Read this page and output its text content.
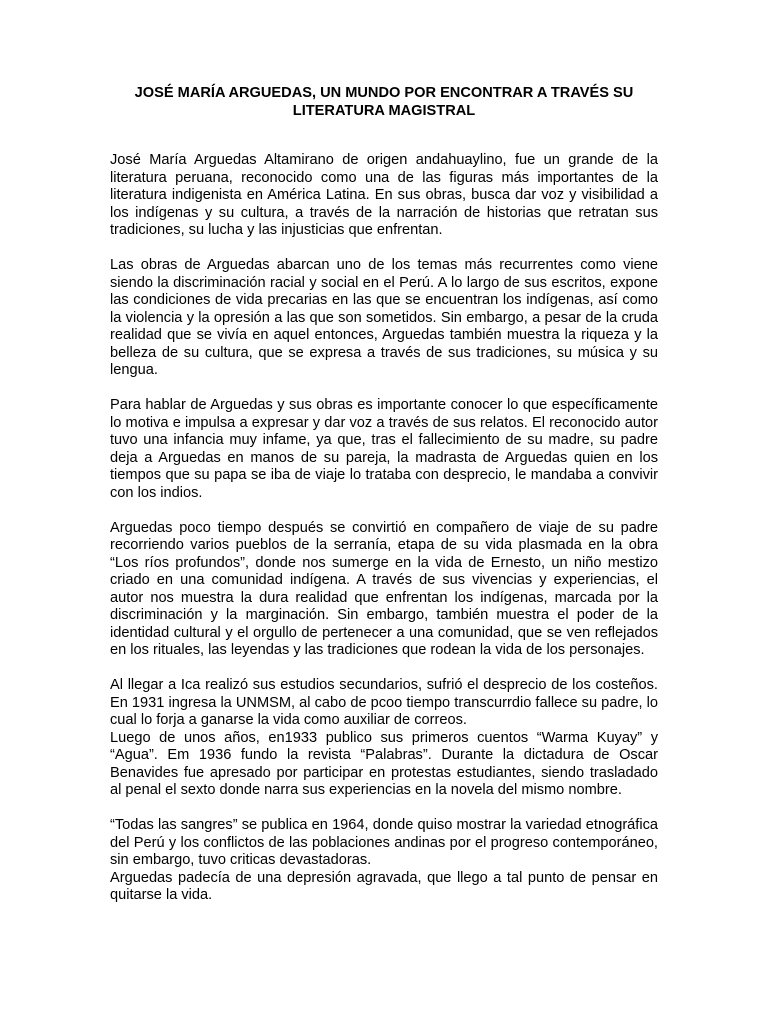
JOSÉ MARÍA ARGUEDAS, UN MUNDO POR ENCONTRAR A TRAVÉS SU
LITERATURA MAGISTRAL

José María Arguedas Altamirano de origen andahuaylino, fue un grande de la literatura peruana, reconocido como una de las figuras más importantes de la literatura indigenista en América Latina. En sus obras, busca dar voz y visibilidad a los indígenas y su cultura, a través de la narración de historias que retratan sus tradiciones, su lucha y las injusticias que enfrentan.

Las obras de Arguedas abarcan uno de los temas más recurrentes como viene siendo la discriminación racial y social en el Perú. A lo largo de sus escritos, expone las condiciones de vida precarias en las que se encuentran los indígenas, así como la violencia y la opresión a las que son sometidos. Sin embargo, a pesar de la cruda realidad que se vivía en aquel entonces, Arguedas también muestra la riqueza y la belleza de su cultura, que se expresa a través de sus tradiciones, su música y su lengua.

Para hablar de Arguedas y sus obras es importante conocer lo que específicamente lo motiva e impulsa a expresar y dar voz a través de sus relatos. El reconocido autor tuvo una infancia muy infame, ya que, tras el fallecimiento de su madre, su padre deja a Arguedas en manos de su pareja, la madrasta de Arguedas quien en los tiempos que su papa se iba de viaje lo trataba con desprecio, le mandaba a convivir con los indios.

Arguedas poco tiempo después se convirtió en compañero de viaje de su padre recorriendo varios pueblos de la serranía, etapa de su vida plasmada en la obra “Los ríos profundos”, donde nos sumerge en la vida de Ernesto, un niño mestizo criado en una comunidad indígena. A través de sus vivencias y experiencias, el autor nos muestra la dura realidad que enfrentan los indígenas, marcada por la discriminación y la marginación. Sin embargo, también muestra el poder de la identidad cultural y el orgullo de pertenecer a una comunidad, que se ven reflejados en los rituales, las leyendas y las tradiciones que rodean la vida de los personajes.

Al llegar a Ica realizó sus estudios secundarios, sufrió el desprecio de los costeños. En 1931 ingresa la UNMSM, al cabo de pcoo tiempo transcurrdio fallece su padre, lo cual lo forja a ganarse la vida como auxiliar de correos.

Luego de unos años, en1933 publico sus primeros cuentos “Warma Kuyay” y “Agua”. Em 1936 fundo la revista “Palabras”. Durante la dictadura de Oscar Benavides fue apresado por participar en protestas estudiantes, siendo trasladado al penal el sexto donde narra sus experiencias en la novela del mismo nombre.

“Todas las sangres” se publica en 1964, donde quiso mostrar la variedad etnográfica del Perú y los conflictos de las poblaciones andinas por el progreso contemporáneo, sin embargo, tuvo criticas devastadoras.

Arguedas padecía de una depresión agravada, que llego a tal punto de pensar en quitarse la vida.
